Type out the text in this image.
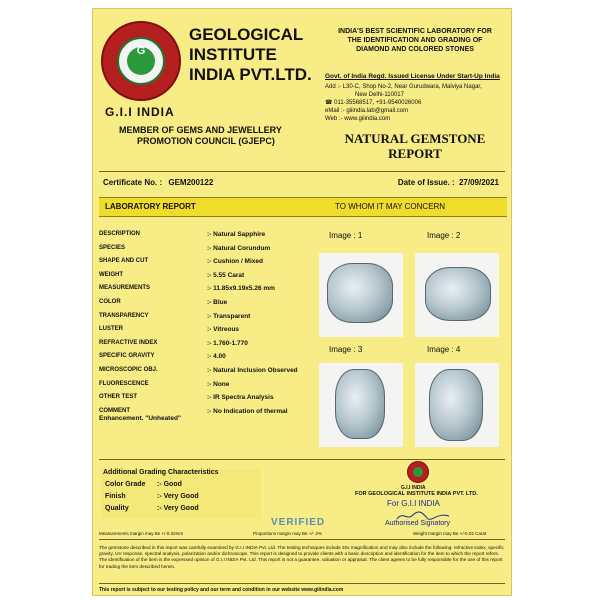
G
G.I.I INDIA
GEOLOGICAL
INSTITUTE
INDIA PVT.LTD.
MEMBER OF GEMS AND JEWELLERY
PROMOTION COUNCIL (GJEPC)
INDIA'S BEST SCIENTIFIC LABORATORY FOR
THE IDENTIFICATION AND GRADING OF
DIAMOND AND COLORED STONES
Govt. of India Regd. Issued License Under Start-Up India
Add :- L30-C, Shop No-2, Near Gurudwara, Malviya Nagar,
New Delhi-110017
☎ 011-35568517, +91-9540026006
eMail :- giiindia.lab@gmail.com
Web :- www.giiindia.com
NATURAL GEMSTONE
REPORT
Certificate No. : GEM200122	Date of Issue. : 27/09/2021
LABORATORY REPORT	TO WHOM IT MAY CONCERN
DESCRIPTION	:- Natural Sapphire
SPECIES	:- Natural Corundum
SHAPE AND CUT	:- Cushion / Mixed
WEIGHT	:- 5.55 Carat
MEASUREMENTS	:- 11.85x9.19x5.26 mm
COLOR	:- Blue
TRANSPARENCY	:- Transparent
LUSTER	:- Vitreous
REFRACTIVE INDEX	:- 1.760-1.770
SPECIFIC GRAVITY	:- 4.00
MICROSCOPIC OBJ.	:- Natural Inclusion Observed
FLUORESCENCE	:- None
OTHER TEST	:- IR Spectra Analysis
COMMENT	:- No Indication of thermal
Enhancement. "Unheated"
Image : 1	Image : 2
Image : 3	Image : 4
Additional Grading Characteristics
Color Grade :- Good
Finish	:- Very Good
Quality	:- Very Good
G.I.I INDIA
FOR GEOLOGICAL INSTITUTE INDIA PVT. LTD.
For G.I.I INDIA
Authorised Signatory
VERIFIED
Measurements margin may Be +/-0.02mm	Proportions margin may Be +/- 2%	Weight margin may Be +/-0.02 Carat
The gemstone described in this report was carefully examined by G.I.I INDIA Pvt. Ltd. The testing techniques include 20x magnification and may also include the following: refractive index, specific gravity, UV response, spectral analysis, polarization and/or dichroscope. This report is designed to provide clients with a basic description and identification for the item to which the report refers. The identification of the item is the expressed opinion of G.I.I INDIA Pvt. Ltd. This report is not a guarantee, valuation or appraisal. The client agrees to be fully responsible for the use of this report for trading the item described herein.
This report is subject to our testing policy and our term and condition in our website www.giiindia.com
